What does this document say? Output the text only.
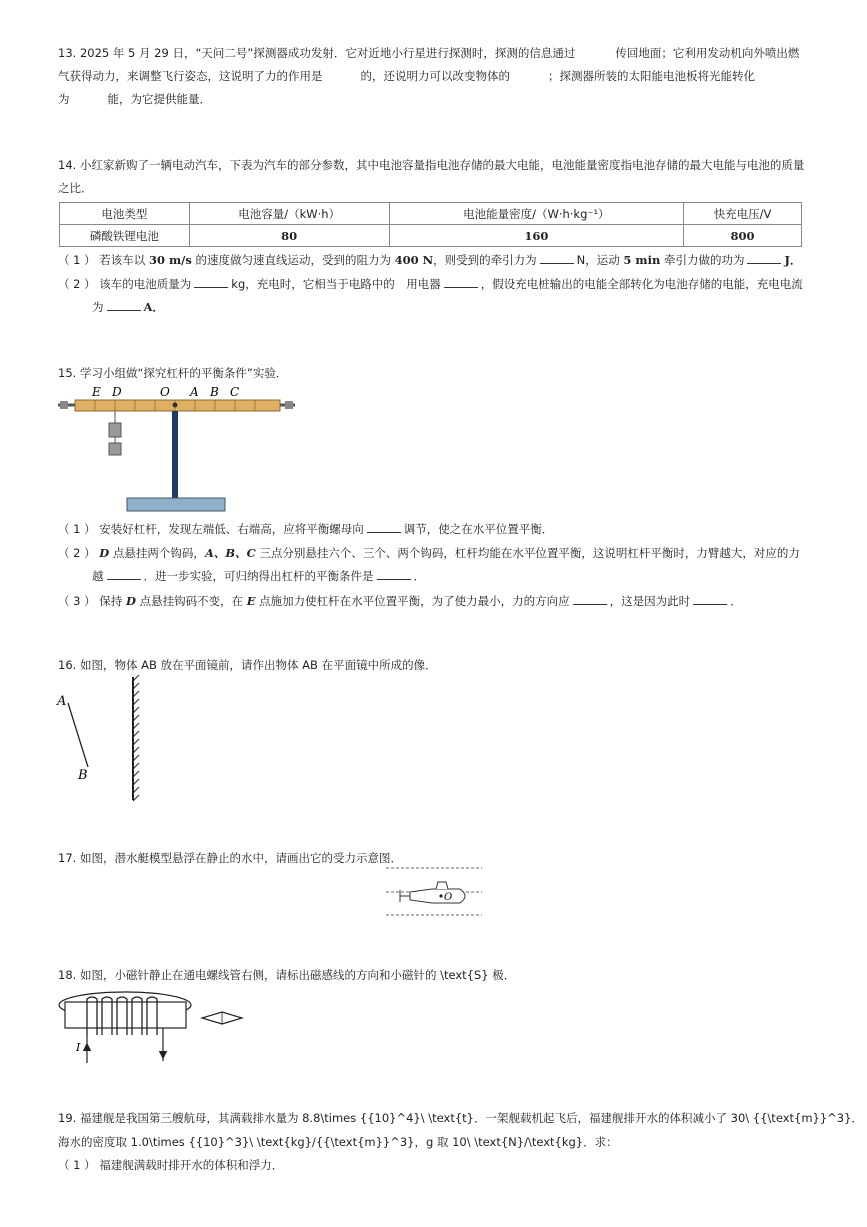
13. 2025 年 5 月 29 日，“天问二号”探测器成功发射．它对近地小行星进行探测时，探测的信息通过	传回地面；它利用发动机向外喷出燃
气获得动力，来调整飞行姿态，这说明了力的作用是	的，还说明力可以改变物体的	；探测器所装的太阳能电池板将光能转化
为	能，为它提供能量．
14. 小红家新购了一辆电动汽车，下表为汽车的部分参数，其中电池容量指电池存储的最大电能，电池能量密度指电池存储的最大电能与电池的质量
之比．
电池类型	电池容量/（kW·h）	电池能量密度/（W·h·kg⁻¹）	快充电压/V
磷酸铁锂电池	80	160	800
（ 1 ） 若该车以 30 m/s 的速度做匀速直线运动，受到的阻力为 400 N，则受到的牵引力为	N，运动 5 min 牵引力做的功为	J．
（ 2 ） 该车的电池质量为	kg，充电时，它相当于电路中的　用电器	，假设充电桩输出的电能全部转化为电池存储的电能，充电电流
为	A．
15. 学习小组做“探究杠杆的平衡条件”实验．
E D	O A B C
（ 1 ） 安装好杠杆，发现左端低、右端高，应将平衡螺母向	调节，使之在水平位置平衡．
（ 2 ） D 点悬挂两个钩码，A、B、C 三点分别悬挂六个、三个、两个钩码，杠杆均能在水平位置平衡，这说明杠杆平衡时，力臂越大，对应的力
越	．进一步实验，可归纳得出杠杆的平衡条件是	．
（ 3 ） 保持 D 点悬挂钩码不变，在 E 点施加力使杠杆在水平位置平衡，为了使力最小，力的方向应	，这是因为此时	．
16. 如图，物体 AB 放在平面镜前，请作出物体 AB 在平面镜中所成的像．
A
B
17. 如图，潜水艇模型悬浮在静止的水中，请画出它的受力示意图．
O
18. 如图，小磁针静止在通电螺线管右侧，请标出磁感线的方向和小磁针的 \text{S} 极．
I
19. 福建舰是我国第三艘航母，其满载排水量为 8.8\times {{10}^4}\ \text{t}．一架舰载机起飞后，福建舰排开水的体积减小了 30\ {{\text{m}}^3}．
海水的密度取 1.0\times {{10}^3}\ \text{kg}/{{\text{m}}^3}，g 取 10\ \text{N}/\text{kg}．求：
（ 1 ） 福建舰满载时排开水的体积和浮力．
